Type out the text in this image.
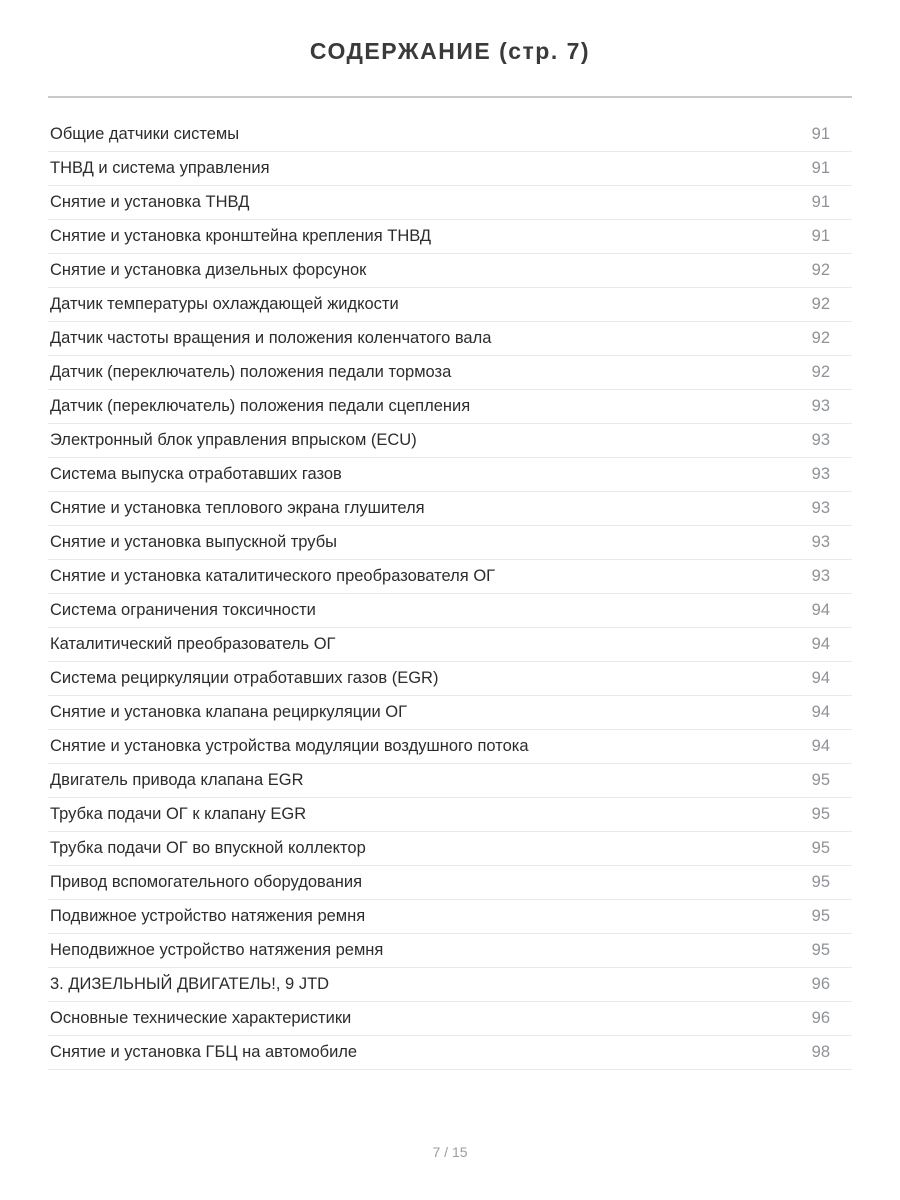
СОДЕРЖАНИЕ (стр. 7)
Общие датчики системы	91
ТНВД и система управления	91
Снятие и установка ТНВД	91
Снятие и установка кронштейна крепления ТНВД	91
Снятие и установка дизельных форсунок	92
Датчик температуры охлаждающей жидкости	92
Датчик частоты вращения и положения коленчатого вала	92
Датчик (переключатель) положения педали тормоза	92
Датчик (переключатель) положения педали сцепления	93
Электронный блок управления впрыском (ECU)	93
Система выпуска отработавших газов	93
Снятие и установка теплового экрана глушителя	93
Снятие и установка выпускной трубы	93
Снятие и установка каталитического преобразователя ОГ	93
Система ограничения токсичности	94
Каталитический преобразователь ОГ	94
Система рециркуляции отработавших газов (EGR)	94
Снятие и установка клапана рециркуляции ОГ	94
Снятие и установка устройства модуляции воздушного потока	94
Двигатель привода клапана EGR	95
Трубка подачи ОГ к клапану EGR	95
Трубка подачи ОГ во впускной коллектор	95
Привод вспомогательного оборудования	95
Подвижное устройство натяжения ремня	95
Неподвижное устройство натяжения ремня	95
3. ДИЗЕЛЬНЫЙ ДВИГАТЕЛЬ!, 9 JTD	96
Основные технические характеристики	96
Снятие и установка ГБЦ на автомобиле	98
7 / 15
